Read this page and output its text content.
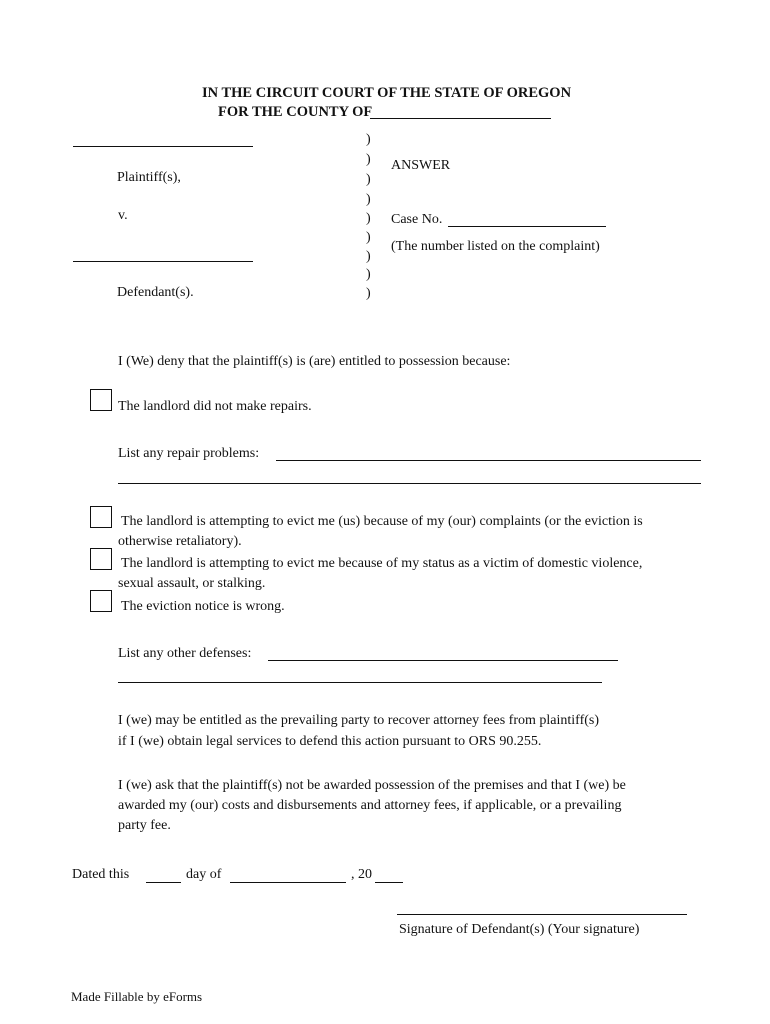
IN THE CIRCUIT COURT OF THE STATE OF OREGON
FOR THE COUNTY OF
Plaintiff(s),
v.
Defendant(s).
)
)
)
)
)
)
)
)
)
ANSWER
Case No.
(The number listed on the complaint)
I (We) deny that the plaintiff(s) is (are) entitled to possession because:
The landlord did not make repairs.
List any repair problems:
The landlord is attempting to evict me (us) because of my (our) complaints (or the eviction is
otherwise retaliatory).
The landlord is attempting to evict me because of my status as a victim of domestic violence,
sexual assault, or stalking.
The eviction notice is wrong.
List any other defenses:
I (we) may be entitled as the prevailing party to recover attorney fees from plaintiff(s)
if I (we) obtain legal services to defend this action pursuant to ORS 90.255.
I (we) ask that the plaintiff(s) not be awarded possession of the premises and that I (we) be
awarded my (our) costs and disbursements and attorney fees, if applicable, or a prevailing
party fee.
Dated this	day of	, 20
Signature of Defendant(s) (Your signature)
Made Fillable by eForms
